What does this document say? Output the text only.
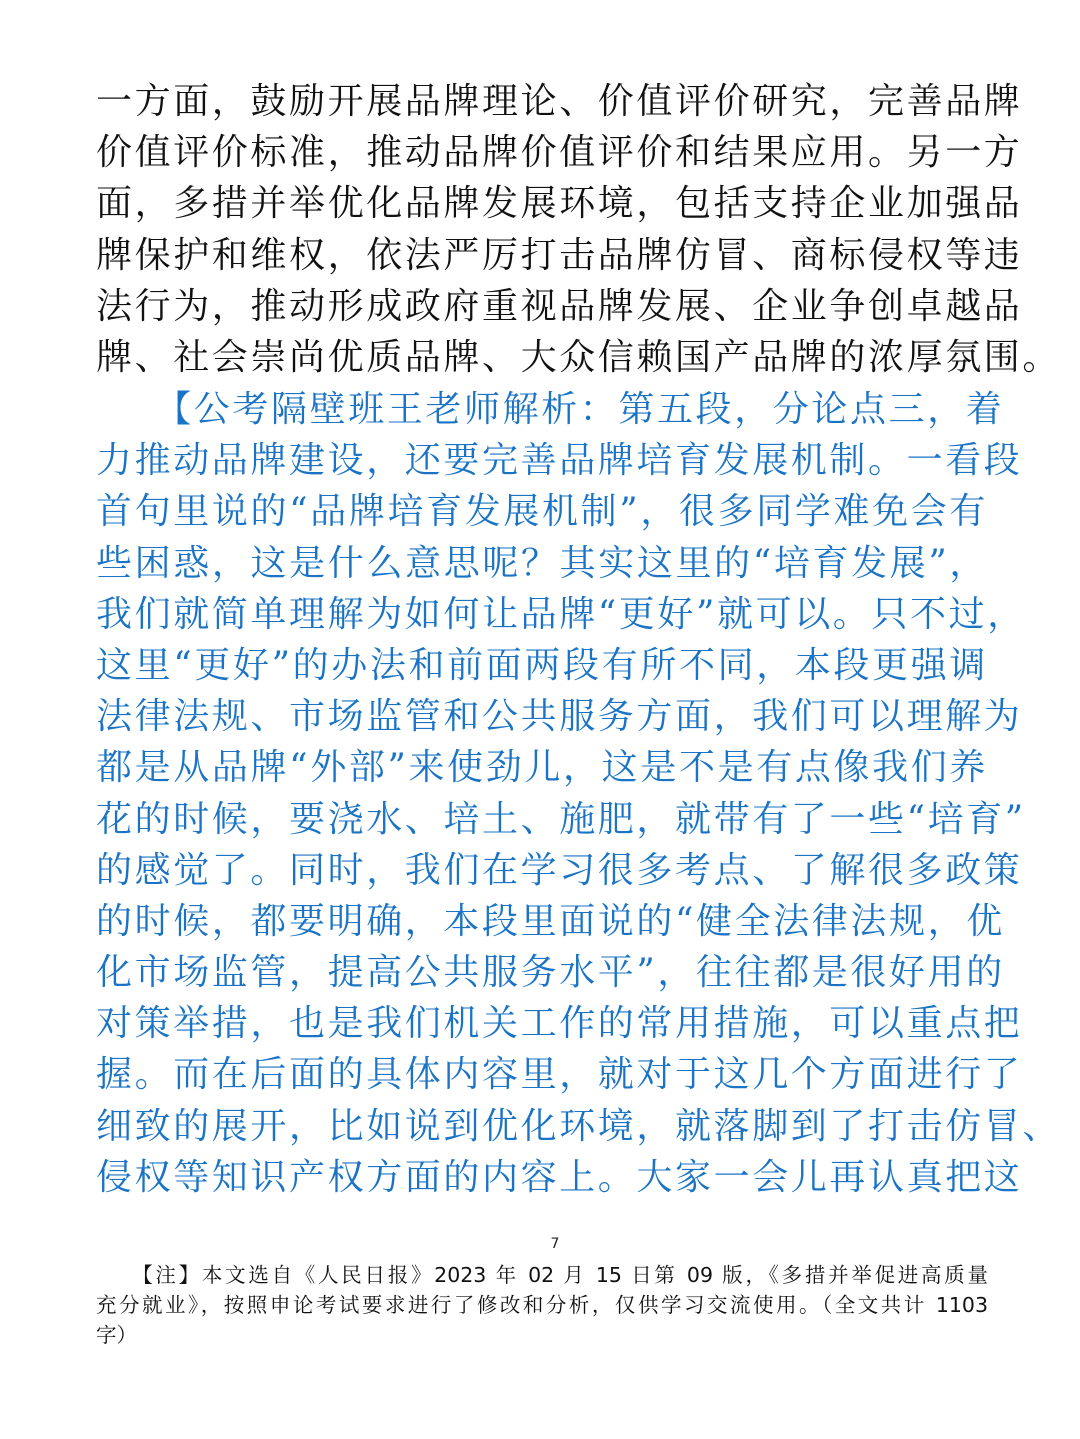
一方面，鼓励开展品牌理论、价值评价研究，完善品牌
价值评价标准，推动品牌价值评价和结果应用。另一方
面，多措并举优化品牌发展环境，包括支持企业加强品
牌保护和维权，依法严厉打击品牌仿冒、商标侵权等违
法行为，推动形成政府重视品牌发展、企业争创卓越品
牌、社会崇尚优质品牌、大众信赖国产品牌的浓厚氛围。
　　【公考隔壁班王老师解析：第五段，分论点三，着
力推动品牌建设，还要完善品牌培育发展机制。一看段
首句里说的“品牌培育发展机制”，很多同学难免会有
些困惑，这是什么意思呢？其实这里的“培育发展”，
我们就简单理解为如何让品牌“更好”就可以。只不过，
这里“更好”的办法和前面两段有所不同，本段更强调
法律法规、市场监管和公共服务方面，我们可以理解为
都是从品牌“外部”来使劲儿，这是不是有点像我们养
花的时候，要浇水、培土、施肥，就带有了一些“培育”
的感觉了。同时，我们在学习很多考点、了解很多政策
的时候，都要明确，本段里面说的“健全法律法规，优
化市场监管，提高公共服务水平”，往往都是很好用的
对策举措，也是我们机关工作的常用措施，可以重点把
握。而在后面的具体内容里，就对于这几个方面进行了
细致的展开，比如说到优化环境，就落脚到了打击仿冒、
侵权等知识产权方面的内容上。大家一会儿再认真把这
7
　　【注】本文选自《人民日报》2023 年 02 月 15 日第 09 版，《多措并举促进高质量
充分就业》，按照申论考试要求进行了修改和分析，仅供学习交流使用。（全文共计 1103
字）
